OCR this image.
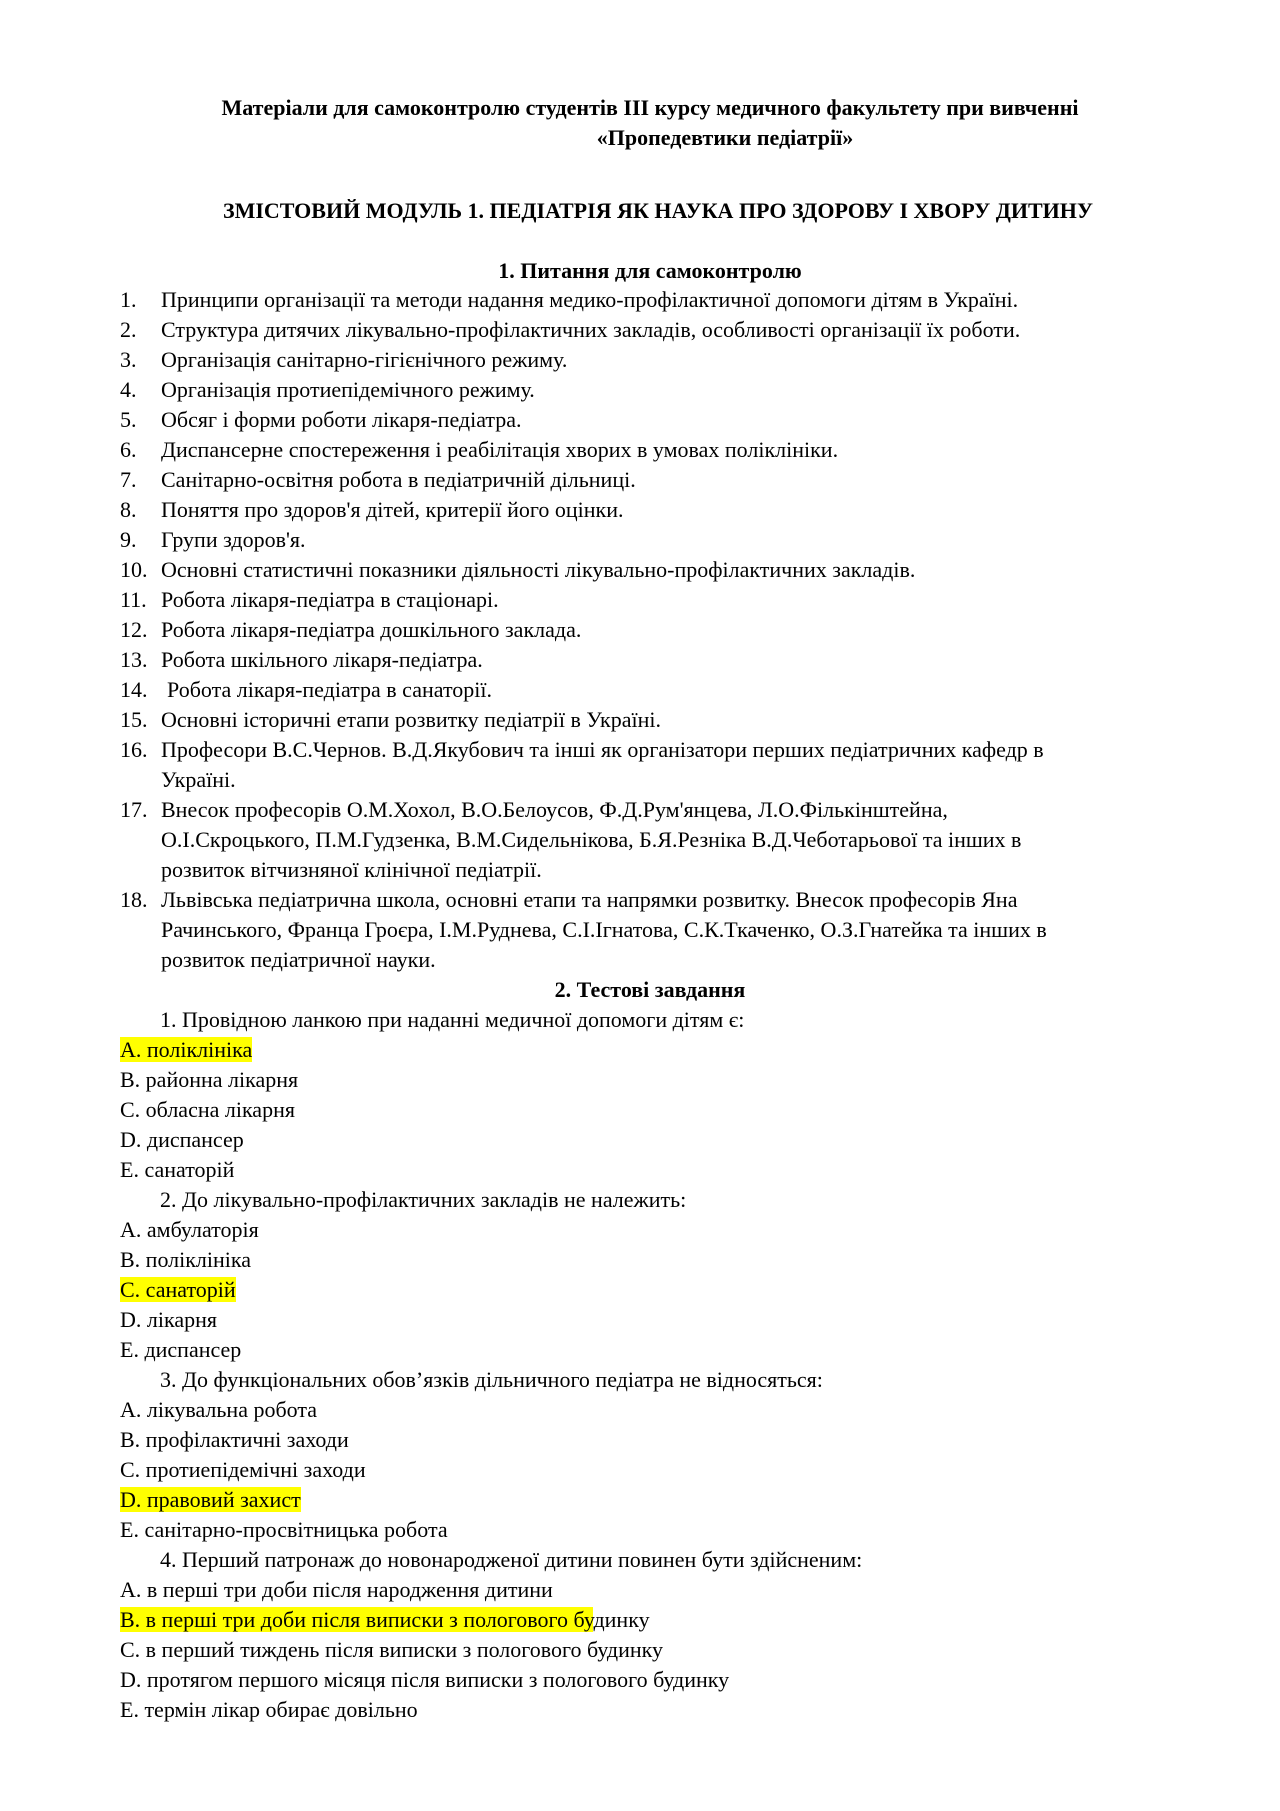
Матеріали для самоконтролю студентів ІІІ курсу медичного факультету при вивченні
«Пропедевтики педіатрії»
ЗМІСТОВИЙ МОДУЛЬ 1. ПЕДІАТРІЯ ЯК НАУКА ПРО ЗДОРОВУ І ХВОРУ ДИТИНУ
1. Питання для самоконтролю
1.	Принципи організації та методи надання медико-профілактичної допомоги дітям в Україні.
2.	Структура дитячих лікувально-профілактичних закладів, особливості організації їх роботи.
3.	Організація санітарно-гігієнічного режиму.
4.	Організація протиепідемічного режиму.
5.	Обсяг і форми роботи лікаря-педіатра.
6.	Диспансерне спостереження і реабілітація хворих в умовах поліклініки.
7.	Санітарно-освітня робота в педіатричній дільниці.
8.	Поняття про здоров'я дітей, критерії його оцінки.
9.	Групи здоров'я.
10. Основні статистичні показники діяльності лікувально-профілактичних закладів.
11. Робота лікаря-педіатра в стаціонарі.
12. Робота лікаря-педіатра дошкільного заклада.
13. Робота шкільного лікаря-педіатра.
14. Робота лікаря-педіатра в санаторії.
15. Основні історичні етапи розвитку педіатрії в Україні.
16. Професори В.С.Чернов. В.Д.Якубович та інші як організатори перших педіатричних кафедр в
Україні.
17. Внесок професорів О.М.Хохол, В.О.Белоусов, Ф.Д.Рум'янцева, Л.О.Фількінштейна,
О.І.Скроцького, П.М.Гудзенка, В.М.Сидельнікова, Б.Я.Резніка В.Д.Чеботарьової та інших в
розвиток вітчизняної клінічної педіатрії.
18. Львівська педіатрична школа, основні етапи та напрямки розвитку. Внесок професорів Яна
Рачинського, Франца Гроєра, І.М.Руднева, С.І.Ігнатова, С.К.Ткаченко, О.З.Гнатейка та інших в
розвиток педіатричної науки.
2. Тестові завдання
1. Провідною ланкою при наданні медичної допомоги дітям є:
A. поліклініка
B. районна лікарня
C. обласна лікарня
D. диспансер
E. санаторій
2. До лікувально-профілактичних закладів не належить:
A. амбулаторія
B. поліклініка
C. санаторій
D. лікарня
E. диспансер
3. До функціональних обов’язків дільничного педіатра не відносяться:
A. лікувальна робота
B. профілактичні заходи
C. протиепідемічні заходи
D. правовий захист
E. санітарно-просвітницька робота
4. Перший патронаж до новонародженої дитини повинен бути здійсненим:
A. в перші три доби після народження дитини
B. в перші три доби після виписки з пологового будинку
C. в перший тиждень після виписки з пологового будинку
D. протягом першого місяця після виписки з пологового будинку
E. термін лікар обирає довільно
